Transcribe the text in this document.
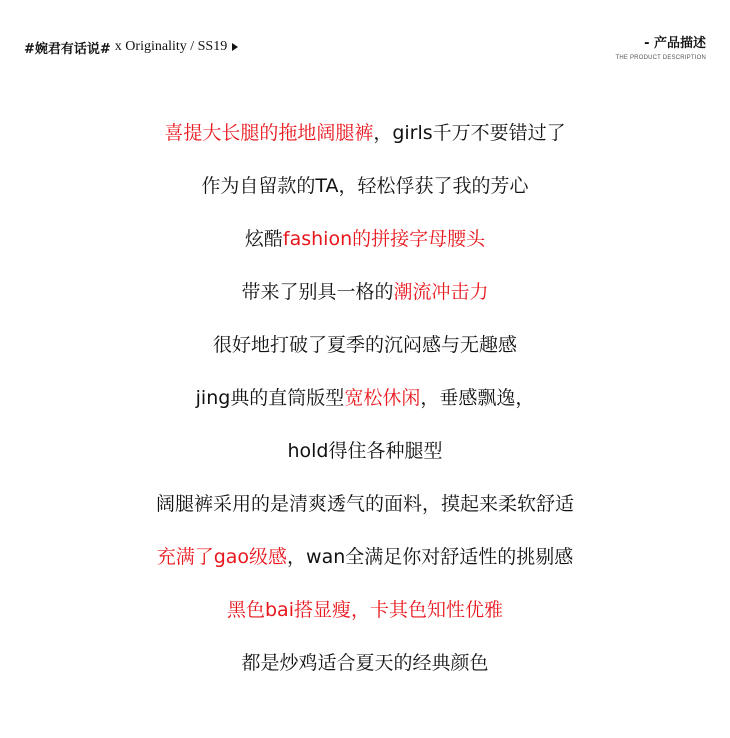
#婉君有话说# x Originality / SS19	- 产品描述
THE PRODUCT DESCRIPTION
喜提大长腿的拖地阔腿裤，girls千万不要错过了
作为自留款的TA，轻松俘获了我的芳心
炫酷fashion的拼接字母腰头
带来了别具一格的潮流冲击力
很好地打破了夏季的沉闷感与无趣感
jing典的直筒版型宽松休闲，垂感飘逸，
hold得住各种腿型
阔腿裤采用的是清爽透气的面料，摸起来柔软舒适
充满了gao级感，wan全满足你对舒适性的挑剔感
黑色bai搭显瘦，卡其色知性优雅
都是炒鸡适合夏天的经典颜色
